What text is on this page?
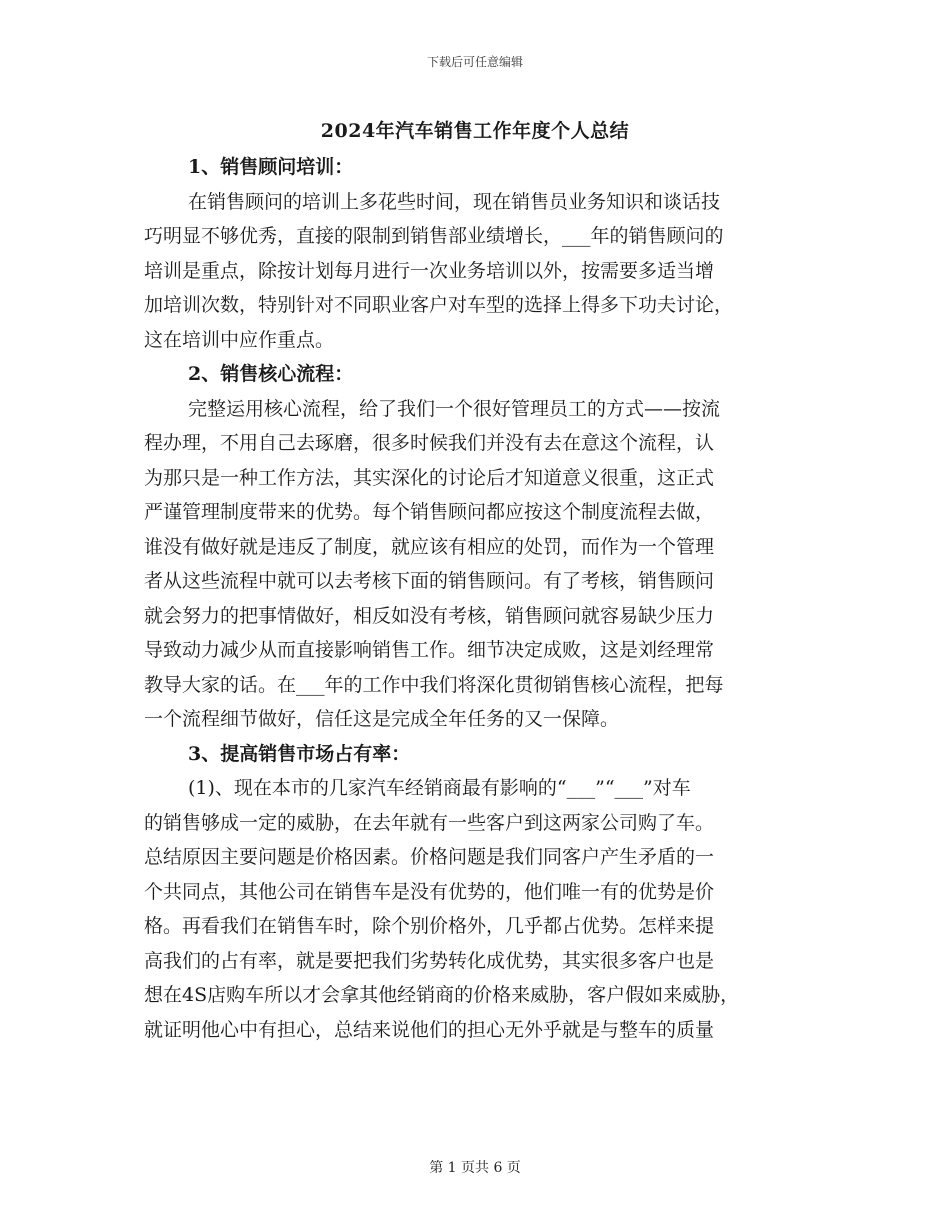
下载后可任意编辑
2024年汽车销售工作年度个人总结
1、销售顾问培训：
在销售顾问的培训上多花些时间，现在销售员业务知识和谈话技
巧明显不够优秀，直接的限制到销售部业绩增长，___年的销售顾问的
培训是重点，除按计划每月进行一次业务培训以外，按需要多适当增
加培训次数，特别针对不同职业客户对车型的选择上得多下功夫讨论，
这在培训中应作重点。
2、销售核心流程：
完整运用核心流程，给了我们一个很好管理员工的方式——按流
程办理，不用自己去琢磨，很多时候我们并没有去在意这个流程，认
为那只是一种工作方法，其实深化的讨论后才知道意义很重，这正式
严谨管理制度带来的优势。每个销售顾问都应按这个制度流程去做，
谁没有做好就是违反了制度，就应该有相应的处罚，而作为一个管理
者从这些流程中就可以去考核下面的销售顾问。有了考核，销售顾问
就会努力的把事情做好，相反如没有考核，销售顾问就容易缺少压力
导致动力减少从而直接影响销售工作。细节决定成败，这是刘经理常
教导大家的话。在___年的工作中我们将深化贯彻销售核心流程，把每
一个流程细节做好，信任这是完成全年任务的又一保障。
3、提高销售市场占有率：
(1)、现在本市的几家汽车经销商最有影响的“___”“___”对车
的销售够成一定的威胁，在去年就有一些客户到这两家公司购了车。
总结原因主要问题是价格因素。价格问题是我们同客户产生矛盾的一
个共同点，其他公司在销售车是没有优势的，他们唯一有的优势是价
格。再看我们在销售车时，除个别价格外，几乎都占优势。怎样来提
高我们的占有率，就是要把我们劣势转化成优势，其实很多客户也是
想在4S店购车所以才会拿其他经销商的价格来威胁，客户假如来威胁，
就证明他心中有担心，总结来说他们的担心无外乎就是与整车的质量
第 1 页共 6 页
